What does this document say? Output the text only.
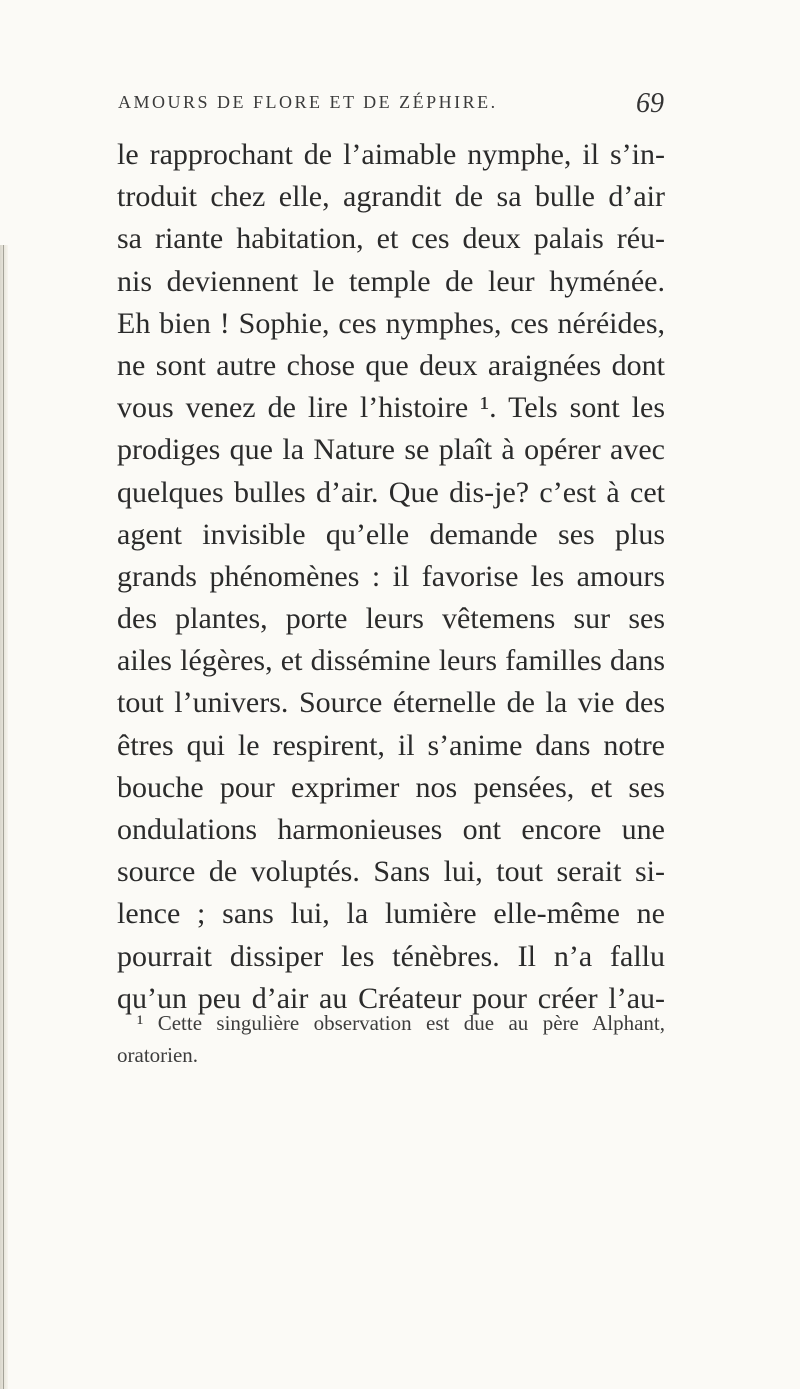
AMOURS DE FLORE ET DE ZÉPHIRE.	69
le rapprochant de l’aimable nymphe, il s’in-
troduit chez elle, agrandit de sa bulle d’air
sa riante habitation, et ces deux palais réu-
nis deviennent le temple de leur hyménée.
Eh bien ! Sophie, ces nymphes, ces néréides,
ne sont autre chose que deux araignées dont
vous venez de lire l’histoire ¹. Tels sont les
prodiges que la Nature se plaît à opérer avec
quelques bulles d’air. Que dis-je? c’est à cet
agent invisible qu’elle demande ses plus
grands phénomènes : il favorise les amours
des plantes, porte leurs vêtemens sur ses
ailes légères, et dissémine leurs familles dans
tout l’univers. Source éternelle de la vie des
êtres qui le respirent, il s’anime dans notre
bouche pour exprimer nos pensées, et ses
ondulations harmonieuses ont encore une
source de voluptés. Sans lui, tout serait si-
lence ; sans lui, la lumière elle-même ne
pourrait dissiper les ténèbres. Il n’a fallu
qu’un peu d’air au Créateur pour créer l’au-
¹ Cette singulière observation est due au père Alphant,
oratorien.
